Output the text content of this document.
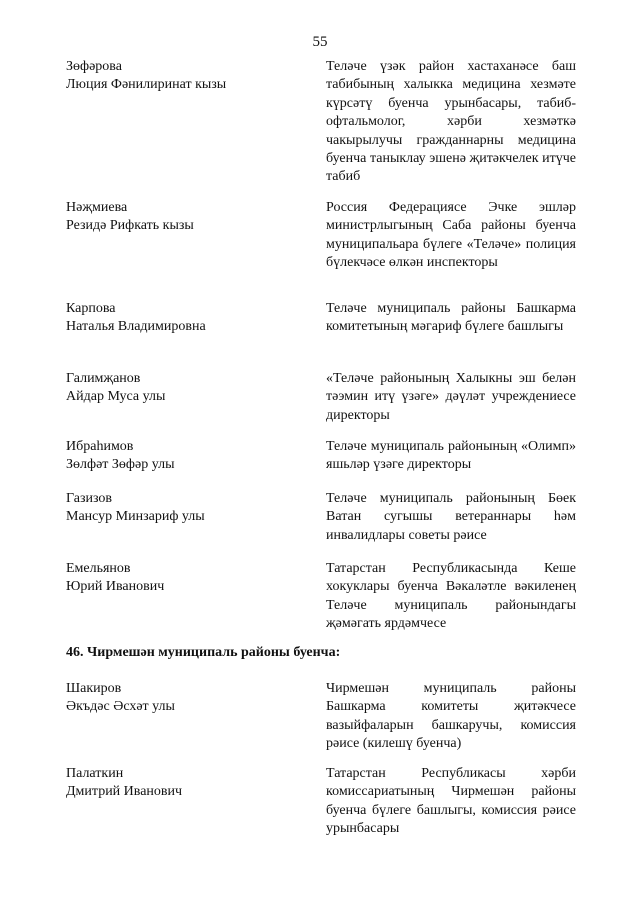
55
Зөфәрова
Люция Фәнилиринат кызы
Теләче үзәк район хастаханәсе баш табибының халыкка медицина хезмәте күрсәтү буенча урынбасары, табиб-офтальмолог, хәрби хезмәткә чакырылучы гражданнарны медицина буенча таныклау эшенә җитәкчелек итүче табиб
Нәҗмиева
Резидә Рифкать кызы
Россия Федерациясе Эчке эшләр министрлыгының Саба районы буенча муниципальара бүлеге «Теләче» полиция бүлекчәсе өлкән инспекторы
Карпова
Наталья Владимировна
Теләче муниципаль районы Башкарма комитетының мәгариф бүлеге башлыгы
Галимҗанов
Айдар Муса улы
«Теләче районының Халыкны эш белән тәэмин итү үзәге» дәүләт учреждениесе директоры
Ибраһимов
Зөлфәт Зөфәр улы
Теләче муниципаль районының «Олимп» яшьләр үзәге директоры
Газизов
Мансур Минзариф улы
Теләче муниципаль районының Бөек Ватан сугышы ветераннары һәм инвалидлары советы рәисе
Емельянов
Юрий Иванович
Татарстан Республикасында Кеше хокуклары буенча Вәкаләтле вәкиленең Теләче муниципаль районындагы җәмәгать ярдәмчесе
46. Чирмешән муниципаль районы буенча:
Шакиров
Әкъдәс Әсхәт улы
Чирмешән муниципаль районы Башкарма комитеты җитәкчесе вазыйфаларын башкаручы, комиссия рәисе (килешү буенча)
Палаткин
Дмитрий Иванович
Татарстан Республикасы хәрби комиссариатының Чирмешән районы буенча бүлеге башлыгы, комиссия рәисе урынбасары
